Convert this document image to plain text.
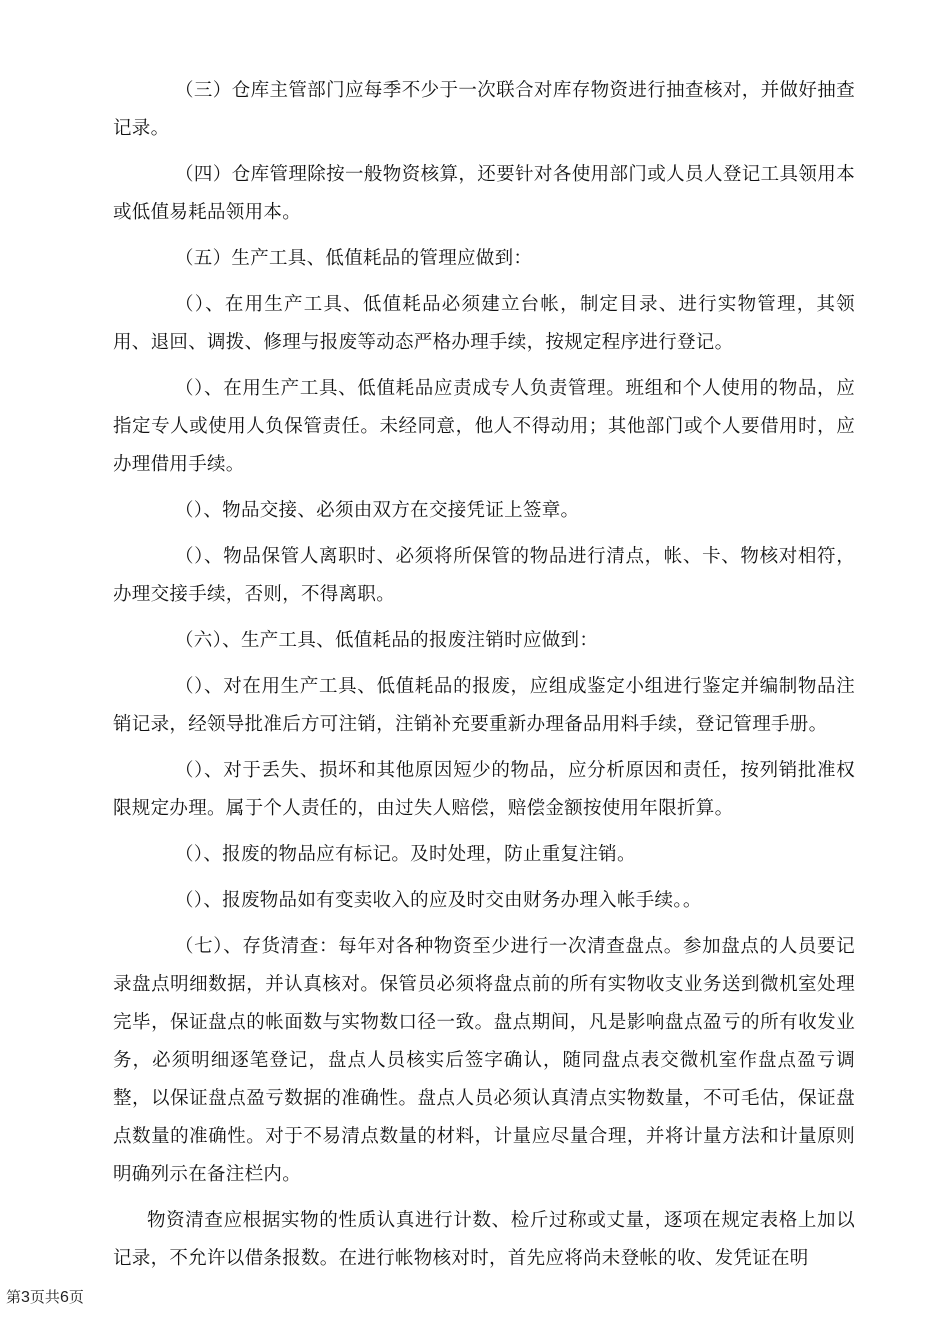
（三）仓库主管部门应每季不少于一次联合对库存物资进行抽查核对，并做好抽查记录。

（四）仓库管理除按一般物资核算，还要针对各使用部门或人员人登记工具领用本或低值易耗品领用本。

（五）生产工具、低值耗品的管理应做到：

（）、在用生产工具、低值耗品必须建立台帐，制定目录、进行实物管理，其领用、退回、调拨、修理与报废等动态严格办理手续，按规定程序进行登记。

（）、在用生产工具、低值耗品应责成专人负责管理。班组和个人使用的物品，应指定专人或使用人负保管责任。未经同意，他人不得动用；其他部门或个人要借用时，应办理借用手续。

（）、物品交接、必须由双方在交接凭证上签章。

（）、物品保管人离职时、必须将所保管的物品进行清点，帐、卡、物核对相符，办理交接手续，否则，不得离职。

（六）、生产工具、低值耗品的报废注销时应做到：

（）、对在用生产工具、低值耗品的报废，应组成鉴定小组进行鉴定并编制物品注销记录，经领导批准后方可注销，注销补充要重新办理备品用料手续，登记管理手册。

（）、对于丢失、损坏和其他原因短少的物品，应分析原因和责任，按列销批准权限规定办理。属于个人责任的，由过失人赔偿，赔偿金额按使用年限折算。

（）、报废的物品应有标记。及时处理，防止重复注销。

（）、报废物品如有变卖收入的应及时交由财务办理入帐手续。。

（七）、存货清查：每年对各种物资至少进行一次清查盘点。参加盘点的人员要记录盘点明细数据，并认真核对。保管员必须将盘点前的所有实物收支业务送到微机室处理完毕，保证盘点的帐面数与实物数口径一致。盘点期间，凡是影响盘点盈亏的所有收发业务，必须明细逐笔登记，盘点人员核实后签字确认，随同盘点表交微机室作盘点盈亏调整，以保证盘点盈亏数据的准确性。盘点人员必须认真清点实物数量，不可毛估，保证盘点数量的准确性。对于不易清点数量的材料，计量应尽量合理，并将计量方法和计量原则明确列示在备注栏内。

物资清查应根据实物的性质认真进行计数、检斤过称或丈量，逐项在规定表格上加以记录，不允许以借条报数。在进行帐物核对时，首先应将尚未登帐的收、发凭证在明

第3页共6页
